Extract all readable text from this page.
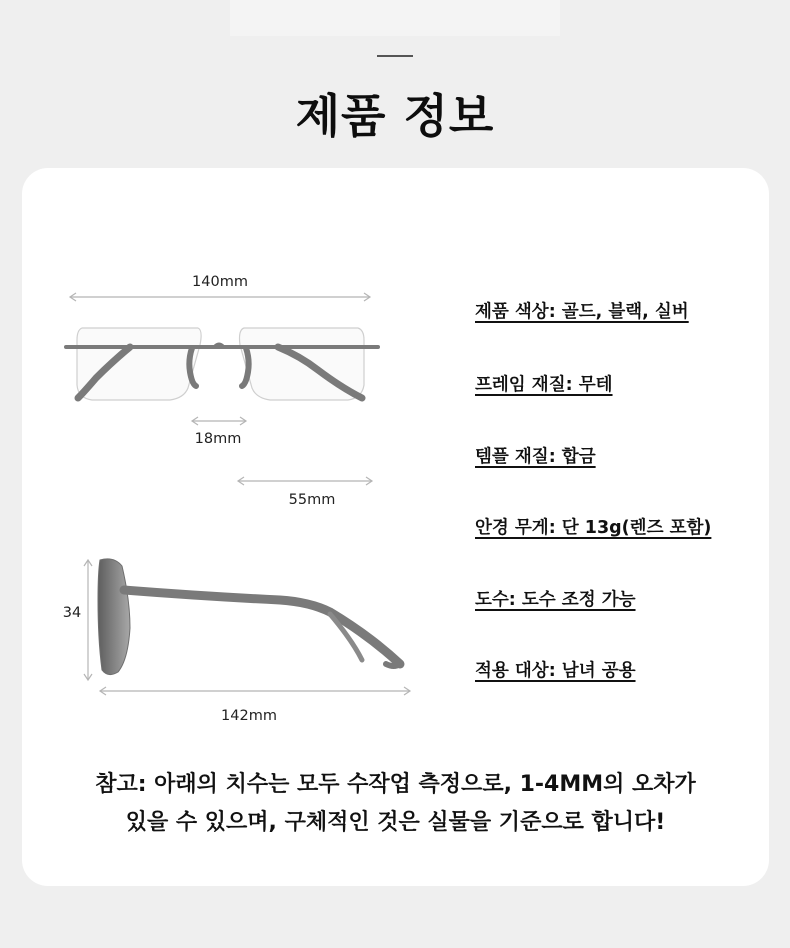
제품 정보
140mm
18mm
55mm
34
142mm
제품 색상: 골드, 블랙, 실버
프레임 재질: 무테
템플 재질: 합금
안경 무게: 단 13g(렌즈 포함)
도수: 도수 조정 가능
적용 대상: 남녀 공용
참고: 아래의 치수는 모두 수작업 측정으로, 1-4MM의 오차가
있을 수 있으며, 구체적인 것은 실물을 기준으로 합니다!
